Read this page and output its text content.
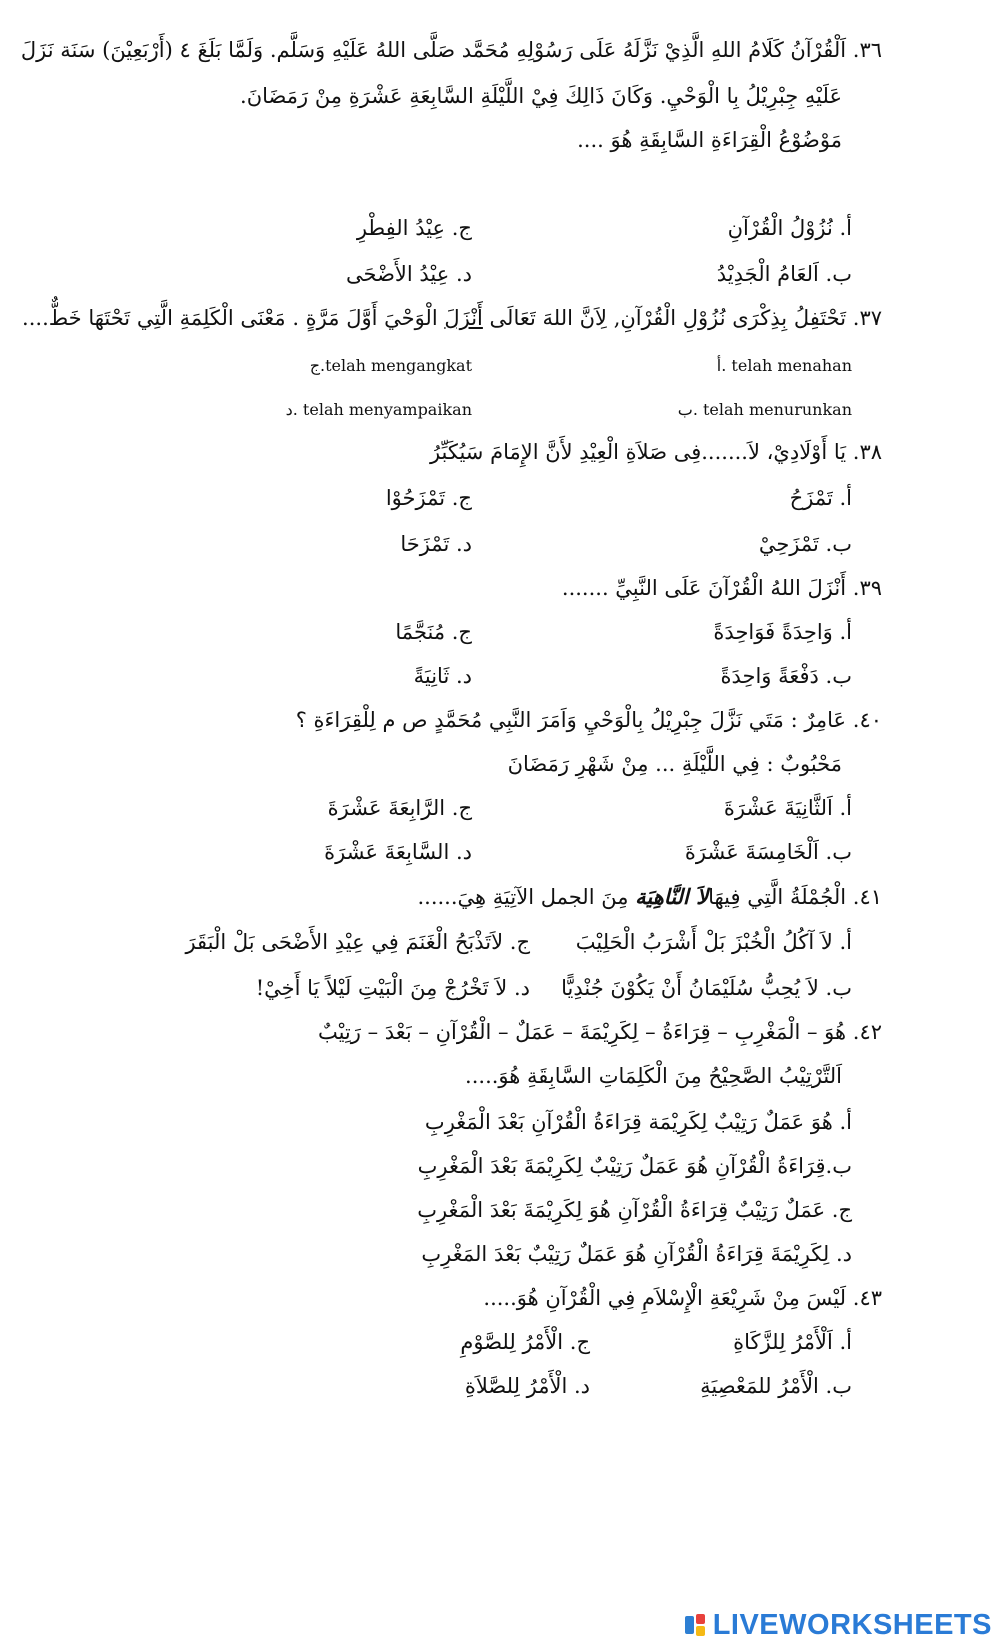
٣٦. اَلْقُرْآنُ كَلَامُ اللهِ الَّذِيْ نَزَّلَهُ عَلَى رَسُوْلِهِ مُحَمَّد صَلَّى اللهُ عَلَيْهِ وَسَلَّم. وَلَمَّا بَلَغَ ٤ (أَرْبَعِيْنَ) سَنَة نَزَلَ
عَلَيْهِ جِبْرِيْلُ بِا الْوَحْيِ. وَكَانَ ذَالِكَ فِيْ اللَّيْلَةِ السَّابِعَةِ عَشْرَةِ مِنْ رَمَضَانَ.
مَوْضُوْعُ الْقِرَاءَةِ السَّابِقَةِ هُوَ ....
أ. نُزُوْلُ الْقُرْآنِ
ج. عِيْدُ الفِطْرِ
ب. اَلعَامُ الْجَدِيْدُ
د. عِيْدُ الأَضْحَى
٣٧. تَحْتَفِلُ بِذِكْرَى نُزُوْلِ الْقُرْآنِ, لِاَنَّ اللهَ تَعَالَى أَنْزَلَ الْوَحْيَ أَوَّلَ مَرَّةٍ . مَعْنَى الْكَلِمَةِ الَّتِي تَحْتَهَا خَطٌّ....
telah menahan .أ
telah mengangkat.ج
telah menurunkan .ب
telah menyampaikan .د
٣٨. يَا أَوْلَادِيْ، لاَ.......فِى صَلاَةِ الْعِيْدِ لأَنَّ الإِمَامَ سَيُكَبِّرُ
أ. تَمْزَحُ
ج. تَمْزَحُوْا
ب. تَمْزَحِيْ
د. تَمْزَحَا
٣٩. أَنْزَلَ اللهُ الْقُرْآنَ عَلَى النَّبِيِّ .......
أ. وَاحِدَةً فَوَاحِدَةً
ج. مُنَجَّمًا
ب. دَفْعَةً وَاحِدَةً
د. ثَانِيَةً
٤٠. عَامِرٌ : مَتَي نَزَّلَ جِبْرِيْلُ بِالْوَحْيِ وَاَمَرَ النَّبِي مُحَمَّدٍ ص م لِلْقِرَاءَةِ ؟
مَحْبُوبٌ : فِي اللَّيْلَةِ ... مِنْ شَهْرِ رَمَضَانَ
أ. اَلثَّانِيَةَ عَشْرَةَ
ج. الرَّابِعَةَ عَشْرَةَ
ب. اَلْخَامِسَةَ عَشْرَةَ
د. السَّابِعَةَ عَشْرَةَ
٤١. الْجُمْلَةُ الَّتِي فِيهَالاَ النَّاهِيَة مِنَ الجمل الآتِيَةِ هِيَ......
أ. لاَ آكُلُ الْخُبْزَ بَلْ أَشْرَبُ الْحَلِيْبَ
ج. لاَتَذْبَحُ الْغَنَمَ فِي عِيْدِ الأَضْحَى بَلْ الْبَقَرَ
ب. لاَ يُحِبُّ سُلَيْمَانُ أَنْ يَكُوْنَ جُنْدِيًّا
د. لاَ تَخْرُجْ مِنَ الْبَيْتِ لَيْلاً يَا أَخِيْ!
٤٢. هُوَ – الْمَغْرِبِ – قِرَاءَةُ – لِكَرِيْمَةَ – عَمَلٌ – الْقُرْآنِ – بَعْدَ – رَتِيْبٌ
اَلتَّرْتِيْبُ الصَّحِيْحُ مِنَ الْكَلِمَاتِ السَّابِقَةِ هُوَ.....
أ. هُوَ عَمَلٌ رَتِيْبٌ لِكَرِيْمَة قِرَاءَةُ الْقُرْآنِ بَعْدَ الْمَغْرِبِ
ب.قِرَاءَةُ الْقُرْآنِ هُوَ عَمَلٌ رَتِيْبٌ لِكَرِيْمَةَ بَعْدَ الْمَغْرِبِ
ج. عَمَلٌ رَتِيْبٌ قِرَاءَةُ الْقُرْآنِ هُوَ لِكَرِيْمَةَ بَعْدَ الْمَغْرِبِ
د. لِكَرِيْمَةَ قِرَاءَةُ الْقُرْآنِ هُوَ عَمَلٌ رَتِيْبٌ بَعْدَ المَغْرِبِ
٤٣. لَيْسَ مِنْ شَرِيْعَةِ الْإِسْلاَمِ فِي الْقُرْآنِ هُوَ.....
أ. اَلْأَمْرُ لِلزَّكَاةِ
ج. الْأَمْرُ لِلصَّوْمِ
ب. الْأَمْرُ للمَعْصِيَةِ
د. الْأَمْرُ لِلصَّلاَةِ
LIVEWORKSHEETS
